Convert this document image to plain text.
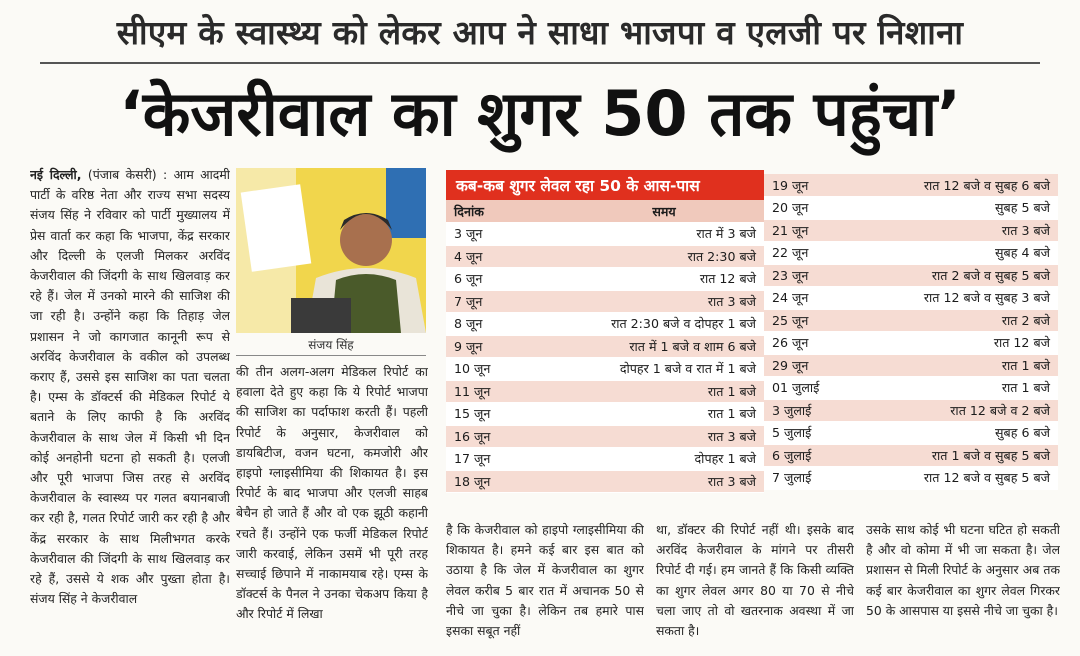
सीएम के स्वास्थ्य को लेकर आप ने साधा भाजपा व एलजी पर निशाना
‘केजरीवाल का शुगर 50 तक पहुंचा’
नई दिल्ली, (पंजाब केसरी) : आम आदमी पार्टी के वरिष्ठ नेता और राज्य सभा सदस्य संजय सिंह ने रविवार को पार्टी मुख्यालय में प्रेस वार्ता कर कहा कि भाजपा, केंद्र सरकार और दिल्ली के एलजी मिलकर अरविंद केजरीवाल की जिंदगी के साथ खिलवाड़ कर रहे हैं। जेल में उनको मारने की साजिश की जा रही है। उन्होंने कहा कि तिहाड़ जेल प्रशासन ने जो कागजात कानूनी रूप से अरविंद केजरीवाल के वकील को उपलब्ध कराए हैं, उससे इस साजिश का पता चलता है। एम्स के डॉक्टर्स की मेडिकल रिपोर्ट ये बताने के लिए काफी है कि अरविंद केजरीवाल के साथ जेल में किसी भी दिन कोई अनहोनी घटना हो सकती है। एलजी और पूरी भाजपा जिस तरह से अरविंद केजरीवाल के स्वास्थ्य पर गलत बयानबाजी कर रही है, गलत रिपोर्ट जारी कर रही है और केंद्र सरकार के साथ मिलीभगत करके केजरीवाल की जिंदगी के साथ खिलवाड़ कर रहे हैं, उससे ये शक और पुख्ता होता है। संजय सिंह ने केजरीवाल
संजय सिंह
की तीन अलग-अलग मेडिकल रिपोर्ट का हवाला देते हुए कहा कि ये रिपोर्ट भाजपा की साजिश का पर्दाफाश करती हैं। पहली रिपोर्ट के अनुसार, केजरीवाल को डायबिटीज, वजन घटना, कमजोरी और हाइपो ग्लाइसीमिया की शिकायत है। इस रिपोर्ट के बाद भाजपा और एलजी साहब बेचैन हो जाते हैं और वो एक झूठी कहानी रचते हैं। उन्होंने एक फर्जी मेडिकल रिपोर्ट जारी करवाई, लेकिन उसमें भी पूरी तरह सच्चाई छिपाने में नाकामयाब रहे। एम्स के डॉक्टर्स के पैनल ने उनका चेकअप किया है और रिपोर्ट में लिखा
कब-कब शुगर लेवल रहा 50 के आस-पास
दिनांक	समय
3 जून	रात में 3 बजे
4 जून	रात 2:30 बजे
6 जून	रात 12 बजे
7 जून	रात 3 बजे
8 जून	रात 2:30 बजे व दोपहर 1 बजे
9 जून	रात में 1 बजे व शाम 6 बजे
10 जून	दोपहर 1 बजे व रात में 1 बजे
11 जून	रात 1 बजे
15 जून	रात 1 बजे
16 जून	रात 3 बजे
17 जून	दोपहर 1 बजे
18 जून	रात 3 बजे
19 जून	रात 12 बजे व सुबह 6 बजे
20 जून	सुबह 5 बजे
21 जून	रात 3 बजे
22 जून	सुबह 4 बजे
23 जून	रात 2 बजे व सुबह 5 बजे
24 जून	रात 12 बजे व सुबह 3 बजे
25 जून	रात 2 बजे
26 जून	रात 12 बजे
29 जून	रात 1 बजे
01 जुलाई	रात 1 बजे
3 जुलाई	रात 12 बजे व 2 बजे
5 जुलाई	सुबह 6 बजे
6 जुलाई	रात 1 बजे व सुबह 5 बजे
7 जुलाई	रात 12 बजे व सुबह 5 बजे
है कि केजरीवाल को हाइपो ग्लाइसीमिया की शिकायत है। हमने कई बार इस बात को उठाया है कि जेल में केजरीवाल का शुगर लेवल करीब 5 बार रात में अचानक 50 से नीचे जा चुका है। लेकिन तब हमारे पास इसका सबूत नहीं
था, डॉक्टर की रिपोर्ट नहीं थी। इसके बाद अरविंद केजरीवाल के मांगने पर तीसरी रिपोर्ट दी गई। हम जानते हैं कि किसी व्यक्ति का शुगर लेवल अगर 80 या 70 से नीचे चला जाए तो वो खतरनाक अवस्था में जा सकता है।
उसके साथ कोई भी घटना घटित हो सकती है और वो कोमा में भी जा सकता है। जेल प्रशासन से मिली रिपोर्ट के अनुसार अब तक कई बार केजरीवाल का शुगर लेवल गिरकर 50 के आसपास या इससे नीचे जा चुका है।
